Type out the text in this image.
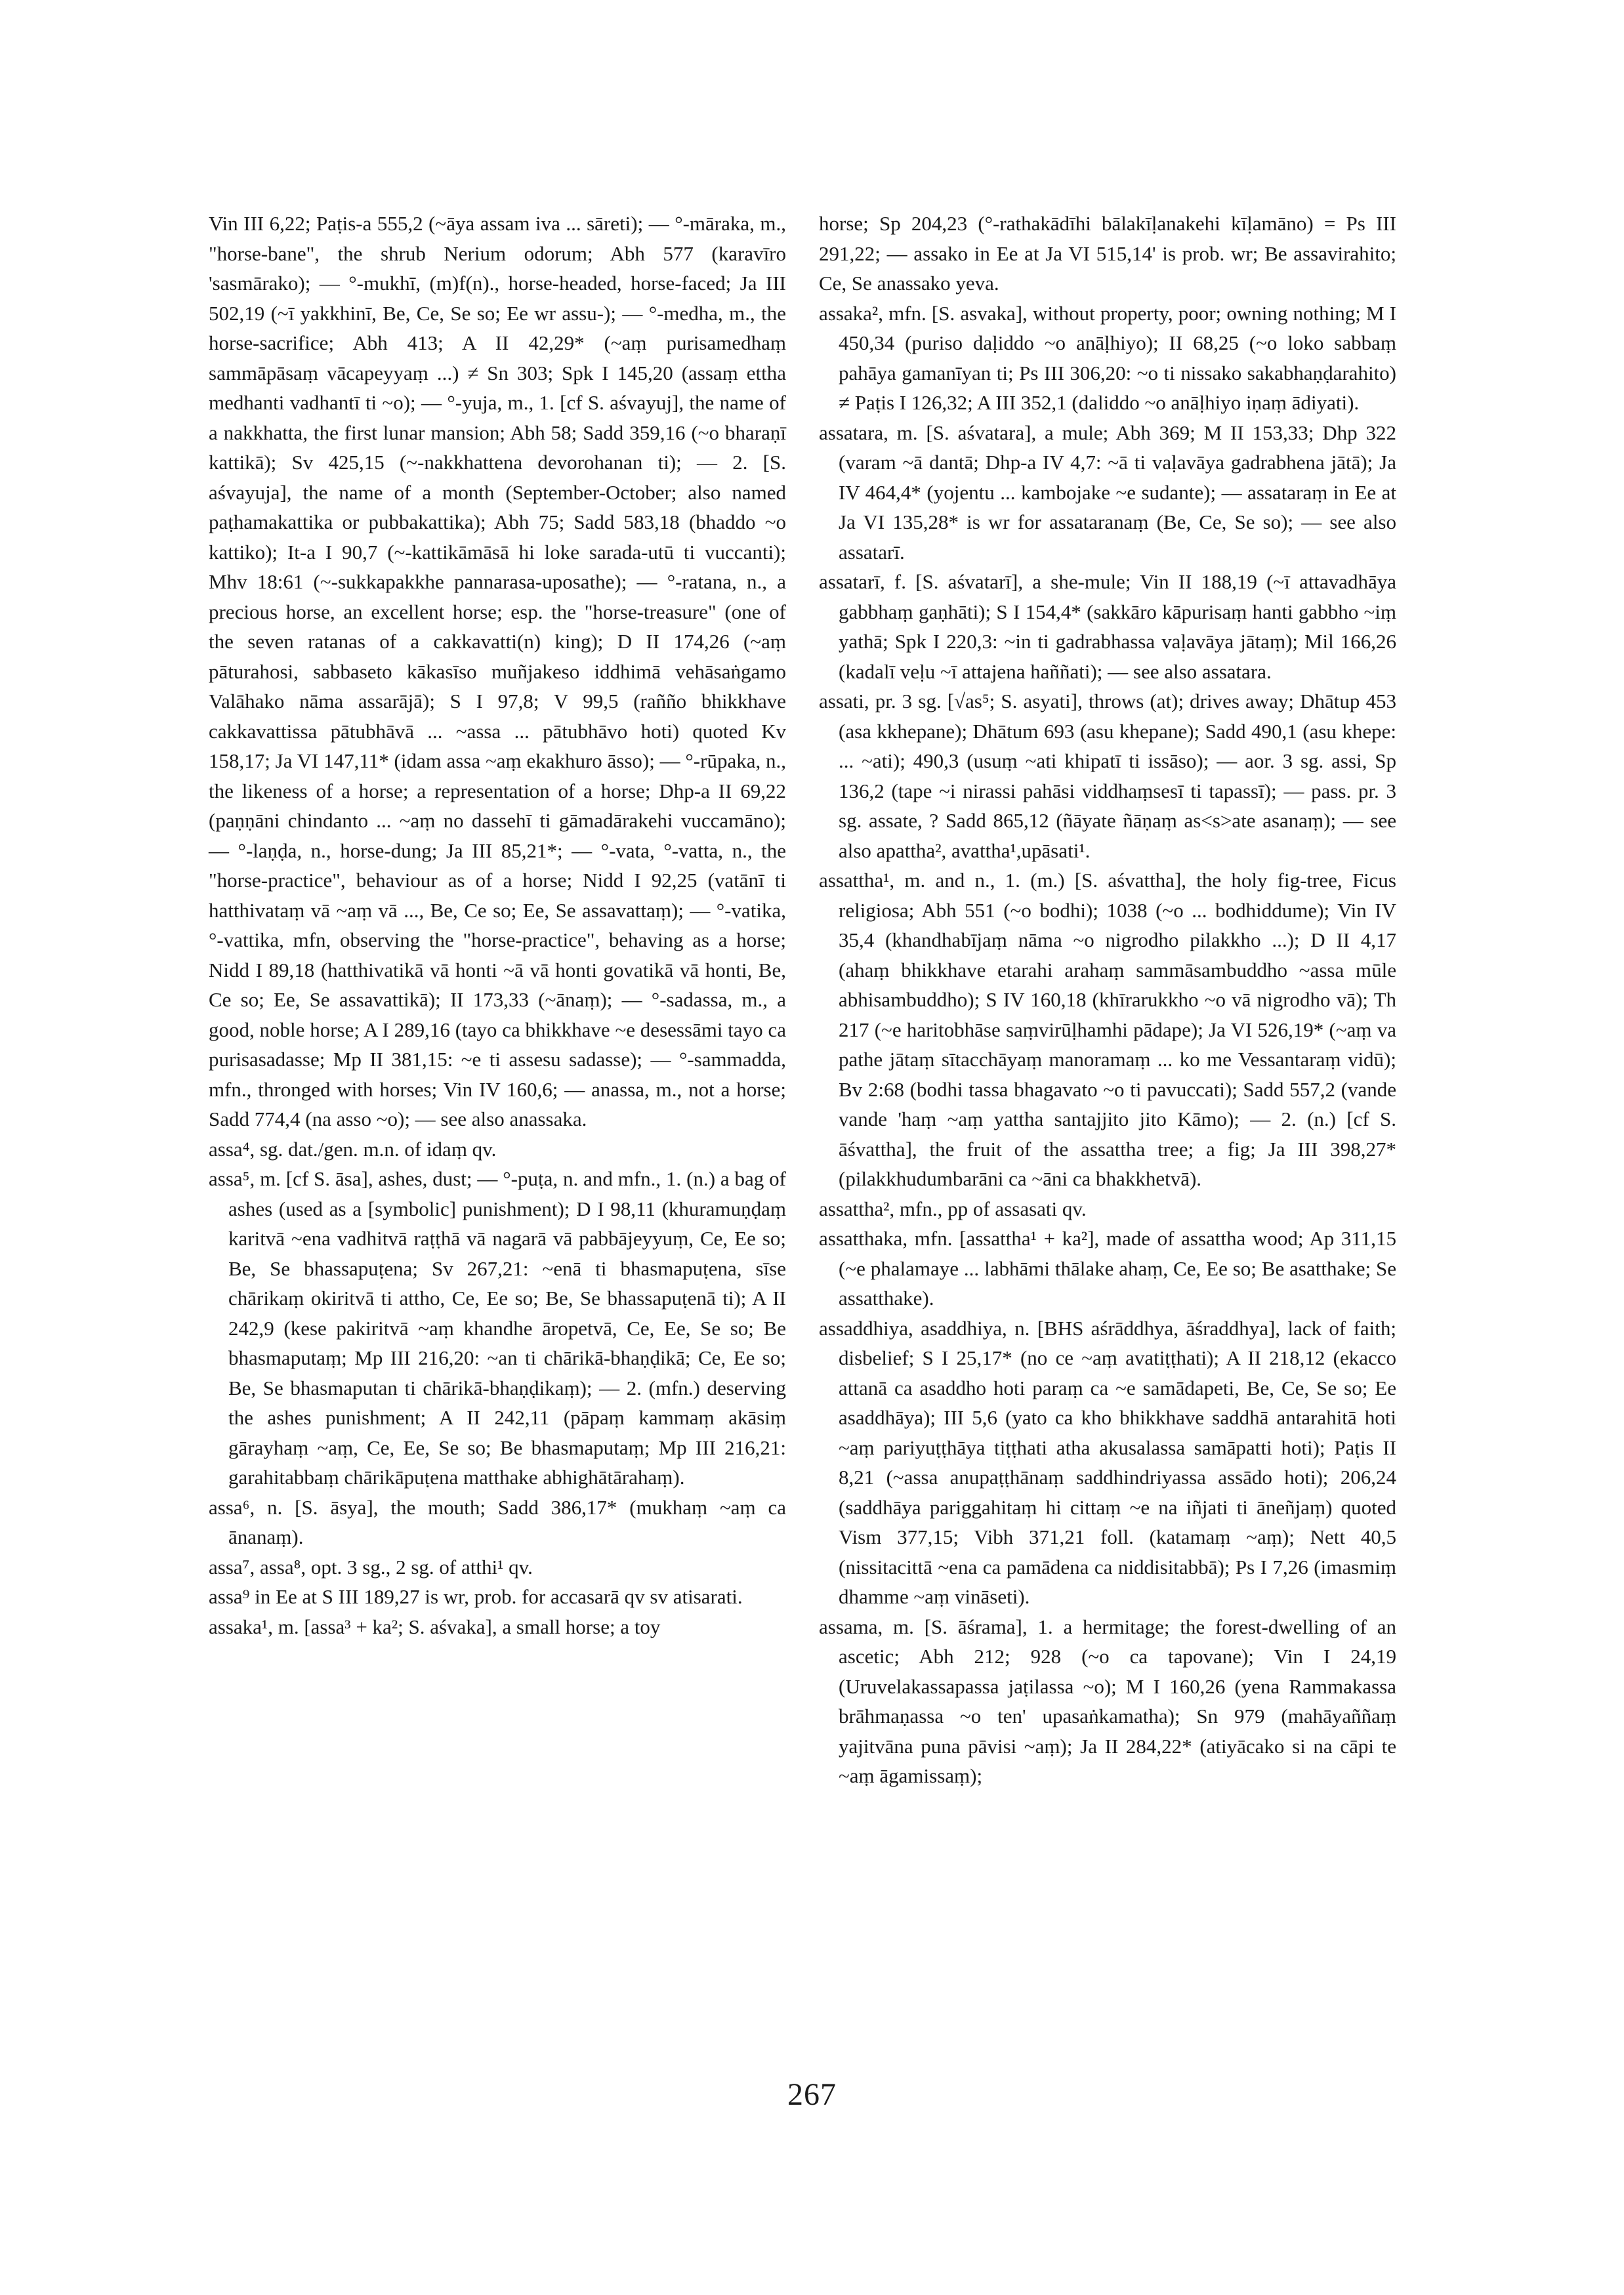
Vin III 6,22; Paṭis-a 555,2 (~āya assam iva ... sāreti); — °-māraka, m., "horse-bane", the shrub Nerium odorum; Abh 577 (karavīro 'sasmārako); — °-mukhī, (m)f(n)., horse-headed, horse-faced; Ja III 502,19 (~ī yakkhinī, Be, Ce, Se so; Ee wr assu-); — °-medha, m., the horse-sacrifice; Abh 413; A II 42,29* (~aṃ purisamedhaṃ sammāpāsaṃ vācapeyyaṃ ...) ≠ Sn 303; Spk I 145,20 (assaṃ ettha medhanti vadhantī ti ~o); — °-yuja, m., 1. [cf S. aśvayuj], the name of a nakkhatta, the first lunar mansion; Abh 58; Sadd 359,16 (~o bharaṇī kattikā); Sv 425,15 (~-nakkhattena devorohanan ti); — 2. [S. aśvayuja], the name of a month (September-October; also named paṭhamakattika or pubbakattika); Abh 75; Sadd 583,18 (bhaddo ~o kattiko); It-a I 90,7 (~-kattikāmāsā hi loke sarada-utū ti vuccanti); Mhv 18:61 (~-sukkapakkhe pannarasa-uposathe); — °-ratana, n., a precious horse, an excellent horse; esp. the "horse-treasure" (one of the seven ratanas of a cakkavatti(n) king); D II 174,26 (~aṃ pāturahosi, sabbaseto kākasīso muñjakeso iddhimā vehāsaṅgamo Valāhako nāma assarājā); S I 97,8; V 99,5 (rañño bhikkhave cakkavattissa pātubhāvā ... ~assa ... pātubhāvo hoti) quoted Kv 158,17; Ja VI 147,11* (idam assa ~aṃ ekakhuro āsso); — °-rūpaka, n., the likeness of a horse; a representation of a horse; Dhp-a II 69,22 (paṇṇāni chindanto ... ~aṃ no dassehī ti gāmadārakehi vuccamāno); — °-laṇḍa, n., horse-dung; Ja III 85,21*; — °-vata, °-vatta, n., the "horse-practice", behaviour as of a horse; Nidd I 92,25 (vatānī ti hatthivataṃ vā ~aṃ vā ..., Be, Ce so; Ee, Se assavattaṃ); — °-vatika, °-vattika, mfn, observing the "horse-practice", behaving as a horse; Nidd I 89,18 (hatthivatikā vā honti ~ā vā honti govatikā vā honti, Be, Ce so; Ee, Se assavattikā); II 173,33 (~ānaṃ); — °-sadassa, m., a good, noble horse; A I 289,16 (tayo ca bhikkhave ~e desessāmi tayo ca purisasadasse; Mp II 381,15: ~e ti assesu sadasse); — °-sammadda, mfn., thronged with horses; Vin IV 160,6; — anassa, m., not a horse; Sadd 774,4 (na asso ~o); — see also anassaka.

assa⁴, sg. dat./gen. m.n. of idaṃ qv.

assa⁵, m. [cf S. āsa], ashes, dust; — °-puṭa, n. and mfn., 1. (n.) a bag of ashes (used as a [symbolic] punishment); D I 98,11 (khuramuṇḍaṃ karitvā ~ena vadhitvā raṭṭhā vā nagarā vā pabbājeyyuṃ, Ce, Ee so; Be, Se bhassapuṭena; Sv 267,21: ~enā ti bhasmapuṭena, sīse chārikaṃ okiritvā ti attho, Ce, Ee so; Be, Se bhassapuṭenā ti); A II 242,9 (kese pakiritvā ~aṃ khandhe āropetvā, Ce, Ee, Se so; Be bhasmaputaṃ; Mp III 216,20: ~an ti chārikā-bhaṇḍikā; Ce, Ee so; Be, Se bhasmaputan ti chārikā-bhaṇḍikaṃ); — 2. (mfn.) deserving the ashes punishment; A II 242,11 (pāpaṃ kammaṃ akāsiṃ gārayhaṃ ~aṃ, Ce, Ee, Se so; Be bhasmaputaṃ; Mp III 216,21: garahitabbaṃ chārikāpuṭena matthake abhighātārahaṃ).

assa⁶, n. [S. āsya], the mouth; Sadd 386,17* (mukhaṃ ~aṃ ca ānanaṃ).

assa⁷, assa⁸, opt. 3 sg., 2 sg. of atthi¹ qv.

assa⁹ in Ee at S III 189,27 is wr, prob. for accasarā qv sv atisarati.

assaka¹, m. [assa³ + ka²; S. aśvaka], a small horse; a toy

horse; Sp 204,23 (°-rathakādīhi bālakīḷanakehi kīḷamāno) = Ps III 291,22; — assako in Ee at Ja VI 515,14' is prob. wr; Be assavirahito; Ce, Se anassako yeva.

assaka², mfn. [S. asvaka], without property, poor; owning nothing; M I 450,34 (puriso daḷiddo ~o anāḷhiyo); II 68,25 (~o loko sabbaṃ pahāya gamanīyan ti; Ps III 306,20: ~o ti nissako sakabhaṇḍarahito) ≠ Paṭis I 126,32; A III 352,1 (daliddo ~o anāḷhiyo iṇaṃ ādiyati).

assatara, m. [S. aśvatara], a mule; Abh 369; M II 153,33; Dhp 322 (varam ~ā dantā; Dhp-a IV 4,7: ~ā ti vaḷavāya gadrabhena jātā); Ja IV 464,4* (yojentu ... kambojake ~e sudante); — assataraṃ in Ee at Ja VI 135,28* is wr for assataranaṃ (Be, Ce, Se so); — see also assatarī.

assatarī, f. [S. aśvatarī], a she-mule; Vin II 188,19 (~ī attavadhāya gabbhaṃ gaṇhāti); S I 154,4* (sakkāro kāpurisaṃ hanti gabbho ~iṃ yathā; Spk I 220,3: ~in ti gadrabhassa vaḷavāya jātaṃ); Mil 166,26 (kadalī veḷu ~ī attajena haññati); — see also assatara.

assati, pr. 3 sg. [√as⁵; S. asyati], throws (at); drives away; Dhātup 453 (asa kkhepane); Dhātum 693 (asu khepane); Sadd 490,1 (asu khepe: ... ~ati); 490,3 (usuṃ ~ati khipatī ti issāso); — aor. 3 sg. assi, Sp 136,2 (tape ~i nirassi pahāsi viddhaṃsesī ti tapassī); — pass. pr. 3 sg. assate, ? Sadd 865,12 (ñāyate ñāṇaṃ as<s>ate asanaṃ); — see also apattha², avattha¹,upāsati¹.

assattha¹, m. and n., 1. (m.) [S. aśvattha], the holy fig-tree, Ficus religiosa; Abh 551 (~o bodhi); 1038 (~o ... bodhiddume); Vin IV 35,4 (khandhabījaṃ nāma ~o nigrodho pilakkho ...); D II 4,17 (ahaṃ bhikkhave etarahi arahaṃ sammāsambuddho ~assa mūle abhisambuddho); S IV 160,18 (khīrarukkho ~o vā nigrodho vā); Th 217 (~e haritobhāse saṃvirūḷhamhi pādape); Ja VI 526,19* (~aṃ va pathe jātaṃ sītacchāyaṃ manoramaṃ ... ko me Vessantaraṃ vidū); Bv 2:68 (bodhi tassa bhagavato ~o ti pavuccati); Sadd 557,2 (vande vande 'haṃ ~aṃ yattha santajjito jito Kāmo); — 2. (n.) [cf S. āśvattha], the fruit of the assattha tree; a fig; Ja III 398,27* (pilakkhudumbarāni ca ~āni ca bhakkhetvā).

assattha², mfn., pp of assasati qv.

assatthaka, mfn. [assattha¹ + ka²], made of assattha wood; Ap 311,15 (~e phalamaye ... labhāmi thālake ahaṃ, Ce, Ee so; Be asatthake; Se assatthake).

assaddhiya, asaddhiya, n. [BHS aśrāddhya, āśraddhya], lack of faith; disbelief; S I 25,17* (no ce ~aṃ avatiṭṭhati); A II 218,12 (ekacco attanā ca asaddho hoti paraṃ ca ~e samādapeti, Be, Ce, Se so; Ee asaddhāya); III 5,6 (yato ca kho bhikkhave saddhā antarahitā hoti ~aṃ pariyuṭṭhāya tiṭṭhati atha akusalassa samāpatti hoti); Paṭis II 8,21 (~assa anupaṭṭhānaṃ saddhindriyassa assādo hoti); 206,24 (saddhāya pariggahitaṃ hi cittaṃ ~e na iñjati ti āneñjaṃ) quoted Vism 377,15; Vibh 371,21 foll. (katamaṃ ~aṃ); Nett 40,5 (nissitacittā ~ena ca pamādena ca niddisitabbā); Ps I 7,26 (imasmiṃ dhamme ~aṃ vināseti).

assama, m. [S. āśrama], 1. a hermitage; the forest-dwelling of an ascetic; Abh 212; 928 (~o ca tapovane); Vin I 24,19 (Uruvelakassapassa jaṭilassa ~o); M I 160,26 (yena Rammakassa brāhmaṇassa ~o ten' upasaṅkamatha); Sn 979 (mahāyaññaṃ yajitvāna puna pāvisi ~aṃ); Ja II 284,22* (atiyācako si na cāpi te ~aṃ āgamissaṃ);

267
